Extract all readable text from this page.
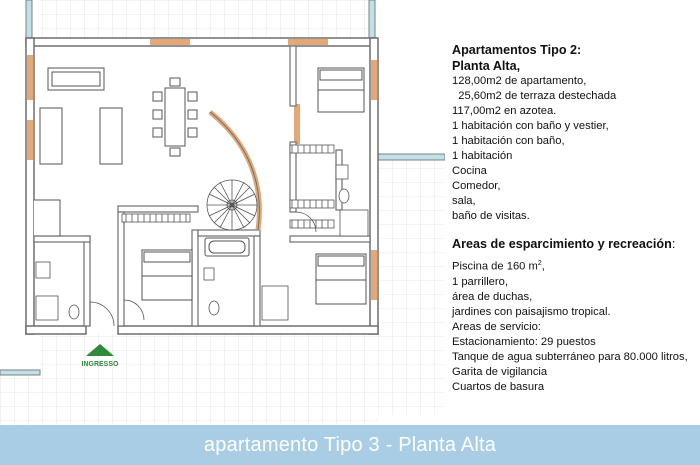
INGRESSO
Apartamentos Tipo 2:
Planta Alta,
128,00m2 de apartamento,
25,60m2 de terraza destechada
117,00m2 en azotea.
1 habitación con baño y vestier,
1 habitación con baño,
1 habitación
Cocina
Comedor,
sala,
baño de visitas.
Areas de esparcimiento y recreación:
Piscina de 160 $m^2$,
1 parrillero,
área de duchas,
jardines con paisajismo tropical.
Areas de servicio:
Estacionamiento: 29 puestos
Tanque de agua subterráneo para 80.000 litros,
Garita de vigilancia
Cuartos de basura
apartamento Tipo 3 - Planta Alta
